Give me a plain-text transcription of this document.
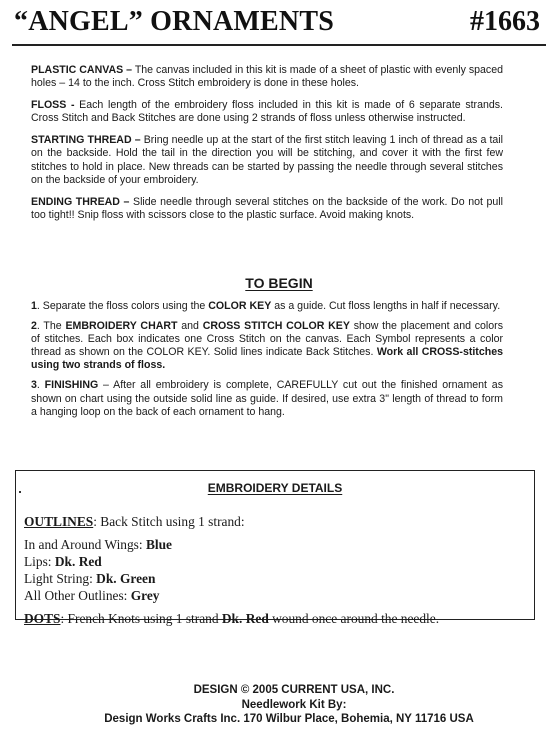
“ANGEL” ORNAMENTS	#1663

PLASTIC CANVAS – The canvas included in this kit is made of a sheet of plastic with evenly spaced holes – 14 to the inch. Cross Stitch embroidery is done in these holes.

FLOSS - Each length of the embroidery floss included in this kit is made of 6 separate strands. Cross Stitch and Back Stitches are done using 2 strands of floss unless otherwise instructed.

STARTING THREAD – Bring needle up at the start of the first stitch leaving 1 inch of thread as a tail on the backside. Hold the tail in the direction you will be stitching, and cover it with the first few stitches to hold in place. New threads can be started by passing the needle through several stitches on the backside of your embroidery.

ENDING THREAD – Slide needle through several stitches on the backside of the work. Do not pull too tight!! Snip floss with scissors close to the plastic surface. Avoid making knots.

TO BEGIN

1. Separate the floss colors using the COLOR KEY as a guide. Cut floss lengths in half if necessary.

2. The EMBROIDERY CHART and CROSS STITCH COLOR KEY show the placement and colors of stitches. Each box indicates one Cross Stitch on the canvas. Each Symbol represents a color thread as shown on the COLOR KEY. Solid lines indicate Back Stitches. Work all CROSS-stitches using two strands of floss.

3. FINISHING – After all embroidery is complete, CAREFULLY cut out the finished ornament as shown on chart using the outside solid line as guide. If desired, use extra 3" length of thread to form a hanging loop on the back of each ornament to hang.

EMBROIDERY DETAILS
OUTLINES: Back Stitch using 1 strand:
In and Around Wings: Blue
Lips: Dk. Red
Light String: Dk. Green
All Other Outlines: Grey
DOTS: French Knots using 1 strand Dk. Red wound once around the needle.
DESIGN © 2005 CURRENT USA, INC.
Needlework Kit By:
Design Works Crafts Inc. 170 Wilbur Place, Bohemia, NY 11716 USA
